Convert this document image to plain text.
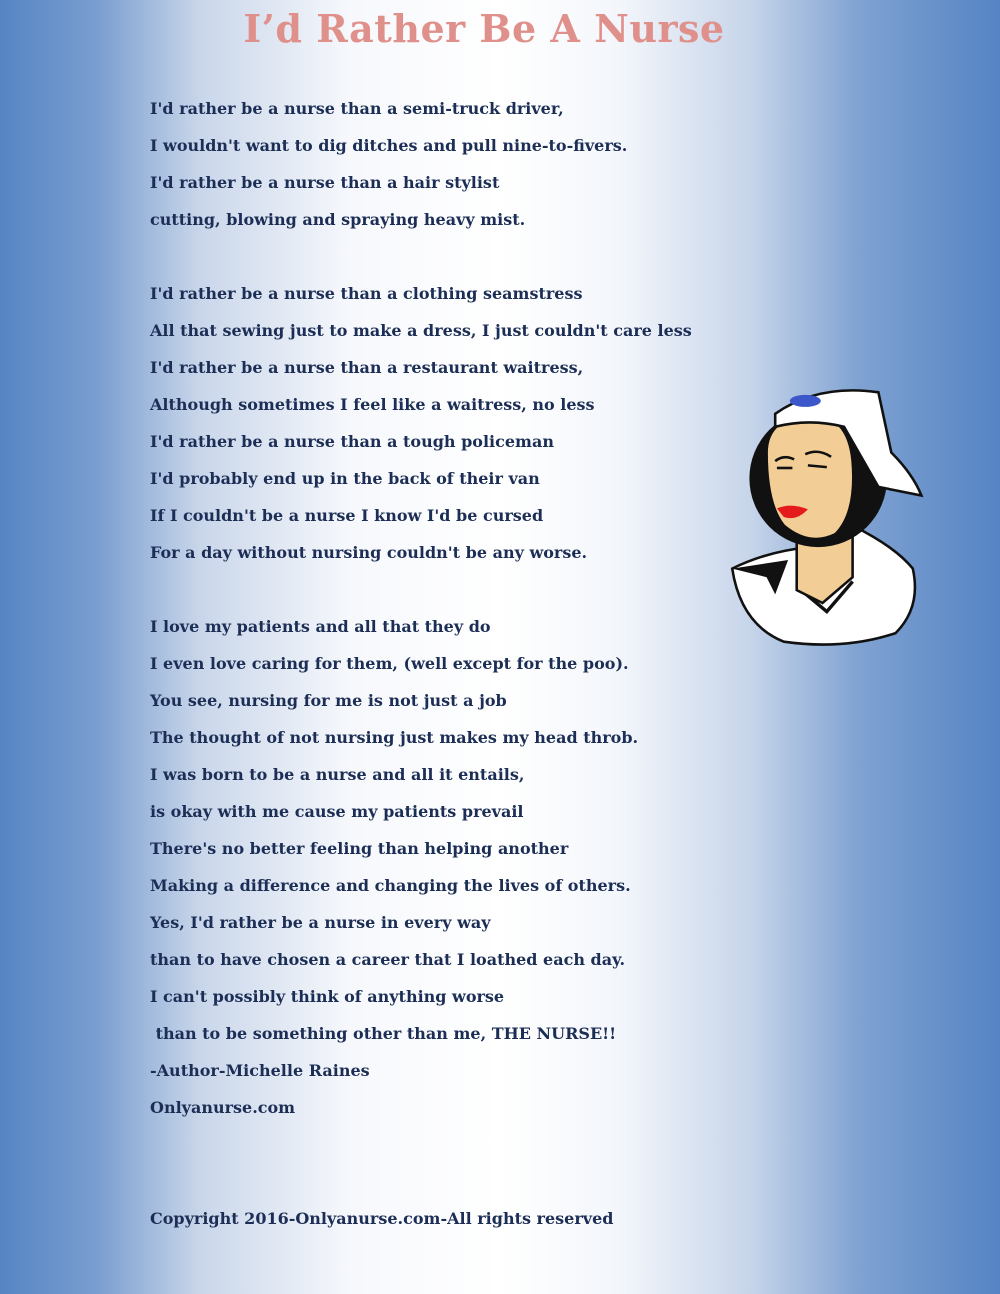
I’d Rather Be A Nurse
I'd rather be a nurse than a semi-truck driver,
I wouldn't want to dig ditches and pull nine-to-fivers.
I'd rather be a nurse than a hair stylist
cutting, blowing and spraying heavy mist.
I'd rather be a nurse than a clothing seamstress
All that sewing just to make a dress, I just couldn't care less
I'd rather be a nurse than a restaurant waitress,
Although sometimes I feel like a waitress, no less
I'd rather be a nurse than a tough policeman
I'd probably end up in the back of their van
If I couldn't be a nurse I know I'd be cursed
For a day without nursing couldn't be any worse.
I love my patients and all that they do
I even love caring for them, (well except for the poo).
You see, nursing for me is not just a job
The thought of not nursing just makes my head throb.
I was born to be a nurse and all it entails,
is okay with me cause my patients prevail
There's no better feeling than helping another
Making a difference and changing the lives of others.
Yes, I'd rather be a nurse in every way
than to have chosen a career that I loathed each day.
I can't possibly think of anything worse
than to be something other than me, THE NURSE!!
-Author-Michelle Raines
Onlyanurse.com
Copyright 2016-Onlyanurse.com-All rights reserved
